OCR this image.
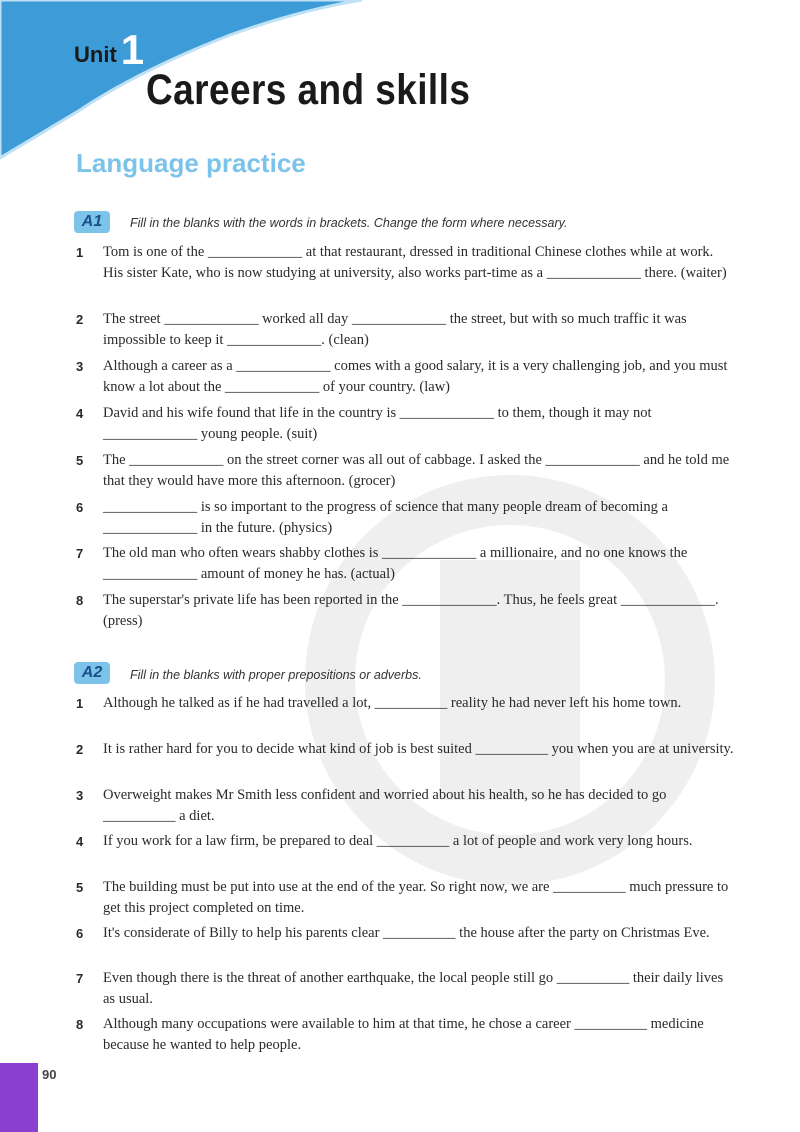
Unit1
Careers and skills
Language practice
A1	Fill in the blanks with the words in brackets. Change the form where necessary.
1 Tom is one of the _____________ at that restaurant, dressed in traditional Chinese clothes while at work. His sister Kate, who is now studying at university, also works part-time as a _____________ there. (waiter)
2 The street _____________ worked all day _____________ the street, but with so much traffic it was impossible to keep it _____________. (clean)
3 Although a career as a _____________ comes with a good salary, it is a very challenging job, and you must know a lot about the _____________ of your country. (law)
4 David and his wife found that life in the country is _____________ to them, though it may not _____________ young people. (suit)
5 The _____________ on the street corner was all out of cabbage. I asked the _____________ and he told me that they would have more this afternoon. (grocer)
6 _____________ is so important to the progress of science that many people dream of becoming a _____________ in the future. (physics)
7 The old man who often wears shabby clothes is _____________ a millionaire, and no one knows the _____________ amount of money he has. (actual)
8 The superstar's private life has been reported in the _____________. Thus, he feels great _____________. (press)
A2	Fill in the blanks with proper prepositions or adverbs.
1 Although he talked as if he had travelled a lot, __________ reality he had never left his home town.
2 It is rather hard for you to decide what kind of job is best suited __________ you when you are at university.
3 Overweight makes Mr Smith less confident and worried about his health, so he has decided to go __________ a diet.
4 If you work for a law firm, be prepared to deal __________ a lot of people and work very long hours.
5 The building must be put into use at the end of the year. So right now, we are __________ much pressure to get this project completed on time.
6 It's considerate of Billy to help his parents clear __________ the house after the party on Christmas Eve.
7 Even though there is the threat of another earthquake, the local people still go __________ their daily lives as usual.
8 Although many occupations were available to him at that time, he chose a career __________ medicine because he wanted to help people.
90
